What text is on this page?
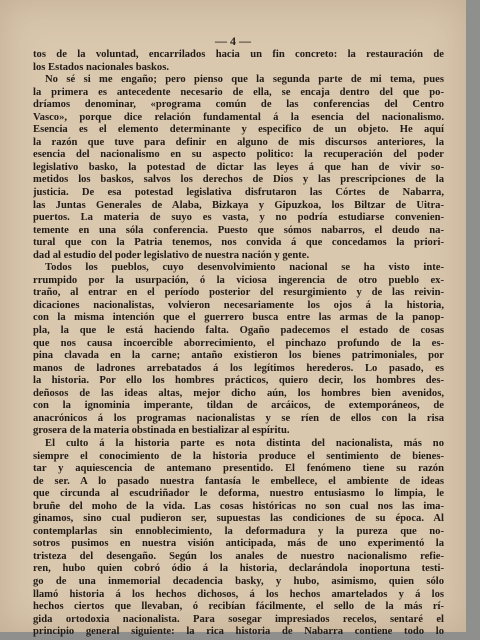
— 4 —
tos de la voluntad, encarrilados hacia un fin concreto: la restauración de
los Estados nacionales baskos.
No sé si me engaño; pero pienso que la segunda parte de mi tema, pues
la primera es antecedente necesario de ella, se encaja dentro del que po-
dríamos denominar, «programa común de las conferencias del Centro
Vasco», porque dice relación fundamental á la esencia del nacionalismo.
Esencia es el elemento determinante y especifico de un objeto. He aquí
la razón que tuve para definir en alguno de mis discursos anteriores, la
esencia del nacionalismo en su aspecto politico: la recuperación del poder
legislativo basko, la potestad de dictar las leyes á que han de vivir so-
metidos los baskos, salvos los derechos de Dios y las prescripciones de la
justicia. De esa potestad legislativa disfrutaron las Córtes de Nabarra,
las Juntas Generales de Alaba, Bizkaya y Gipuzkoa, los Biltzar de Uitra-
puertos. La materia de suyo es vasta, y no podría estudiarse convenien-
temente en una sóla conferencia. Puesto que sómos nabarros, el deudo na-
tural que con la Patria tenemos, nos convida á que concedamos la priori-
dad al estudio del poder legislativo de nuestra nación y gente.
Todos los pueblos, cuyo desenvolvimiento nacional se ha visto inte-
rrumpido por la usurpación, ó la viciosa ingerencia de otro pueblo ex-
traño, al entrar en el período posterior del resurgimiento y de las reivin-
dicaciones nacionalistas, volvieron necesariamente los ojos á la historia,
con la misma intención que el guerrero busca entre las armas de la panop-
pla, la que le está haciendo falta. Ogaño padecemos el estado de cosas
que nos causa incoercible aborrecimiento, el pinchazo profundo de la es-
pina clavada en la carne; antaño existieron los bienes patrimoniales, por
manos de ladrones arrebatados á los legítimos herederos. Lo pasado, es
la historia. Por ello los hombres prácticos, quiero decir, los hombres des-
deñosos de las ideas altas, mejor dicho aún, los hombres bien avenidos,
con la ignominia imperante, tildan de arcáicos, de extemporáneos, de
anacrónicos á los programas nacionalistas y se ríen de ellos con la risa
grosera de la materia obstinada en bestializar al espíritu.
El culto á la historia parte es nota distinta del nacionalista, más no
siempre el conocimiento de la historia produce el sentimiento de bienes-
tar y aquiescencia de antemano presentido. El fenómeno tiene su razón
de ser. A lo pasado nuestra fantasía le embellece, el ambiente de ideas
que circunda al escudriñador le deforma, nuestro entusiasmo lo limpia, le
bruñe del moho de la vida. Las cosas históricas no son cual nos las ima-
ginamos, sino cual pudieron ser, supuestas las condiciones de su época. Al
contemplarlas sin ennoblecimiento, la deformadura y la pureza que no-
sotros pusimos en nuestra visión anticipada, más de uno experimentó la
tristeza del desengaño. Según los anales de nuestro nacionalismo refie-
ren, hubo quien cobró ódio á la historia, declarándola inoportuna testi-
go de una inmemorial decadencia basky, y hubo, asimismo, quien sólo
llamó historia á los hechos dichosos, á los hechos amartelados y á los
hechos ciertos que llevaban, ó recibían fácilmente, el sello de la más rí-
gida ortodoxia nacionalista. Para sosegar impresiados recelos, sentaré el
principio general siguiente: la rica historia de Nabarra contiene todo lo
